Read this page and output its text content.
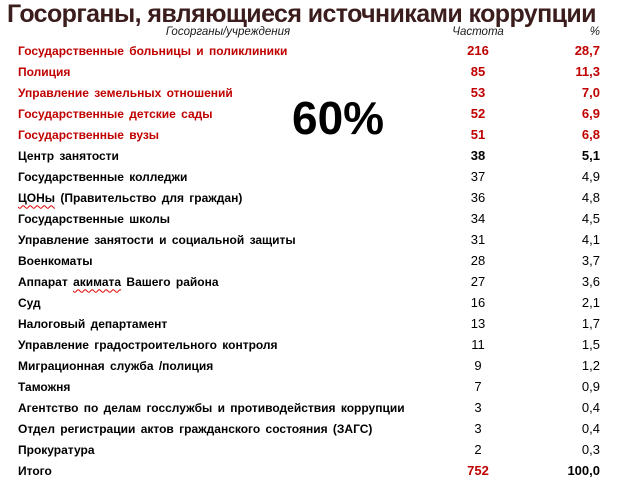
Госорганы, являющиеся источниками коррупции
Госорганы/учреждения	Частота	%
Государственные больницы и поликлиники	216	28,7
Полиция	85	11,3
Управление земельных отношений	53	7,0
Государственные детские сады	52	6,9
Государственные вузы	51	6,8
Центр занятости	38	5,1
Государственные колледжи	37	4,9
ЦОНы (Правительство для граждан)	36	4,8
Государственные школы	34	4,5
Управление занятости и социальной защиты	31	4,1
Военкоматы	28	3,7
Аппарат акимата Вашего района	27	3,6
Суд	16	2,1
Налоговый департамент	13	1,7
Управление градостроительного контроля	11	1,5
Миграционная служба /полиция	9	1,2
Таможня	7	0,9
Агентство по делам госслужбы и противодействия коррупции	3	0,4
Отдел регистрации актов гражданского состояния (ЗАГС)	3	0,4
Прокуратура	2	0,3
Итого	752	100,0
60%
